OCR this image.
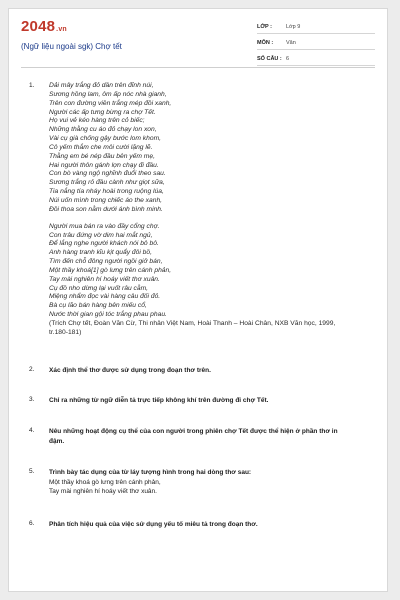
2048.vn
(Ngữ liệu ngoài sgk) Chợ tết
LỚP :	Lớp 9
MÔN :	Văn
SỐ CÂU : 6
1. Dải mây trắng đỏ dần trên đỉnh núi,
Sương hồng lam, ôm ấp nóc nhà gianh,
Trên con đường viền trắng mép đồi xanh,
Người các ấp tưng bừng ra chợ Tết.
Họ vui vẻ kéo hàng trên cỏ biếc;
Những thằng cu áo đỏ chạy lon xon,
Vài cụ già chống gậy bước lom khom,
Cô yếm thắm che môi cười lặng lẽ.
Thằng em bé nép đầu bên yếm mẹ,
Hai người thôn gánh lợn chạy đi đầu.
Con bò vàng ngộ nghĩnh đuổi theo sau.
Sương trắng rỏ đầu cành như giọt sữa,
Tia nắng tía nháy hoài trong ruộng lúa,
Núi uốn mình trong chiếc áo the xanh,
Đồi thoa son nằm dưới ánh bình minh.
Người mua bán ra vào đầy cổng chợ.
Con trâu đứng vờ dim hai mắt ngủ,
Để lắng nghe người khách nói bô bô.
Anh hàng tranh kĩu kịt quẩy đôi bồ,
Tìm đến chỗ đông người ngồi giở bán,
Một thầy khoá[1] gò lưng trên cánh phản,
Tay mài nghiên hí hoáy viết thơ xuân.
Cụ đồ nho dừng lại vuốt râu cằm,
Miệng nhẩm đọc vài hàng câu đối đỏ.
Bà cụ lão bán hàng bên miếu cổ,
Nước thời gian gội tóc trắng phau phau.
(Trích Chợ tết, Đoàn Văn Cừ, Thi nhân Việt Nam, Hoài Thanh – Hoài Chân, NXB Văn học, 1999,
tr.180-181)
2. Xác định thể thơ được sử dụng trong đoạn thơ trên.
3. Chỉ ra những từ ngữ diễn tả trực tiếp không khí trên đường đi chợ Tết.
4. Nêu những hoạt động cụ thể của con người trong phiên chợ Tết được thể hiện ở phần thơ in
đậm.
5. Trình bày tác dụng của từ láy tượng hình trong hai dòng thơ sau:
Một thầy khoá gò lưng trên cánh phản,
Tay mài nghiên hí hoáy viết thơ xuân.
6. Phân tích hiệu quả của việc sử dụng yếu tố miêu tả trong đoạn thơ.
